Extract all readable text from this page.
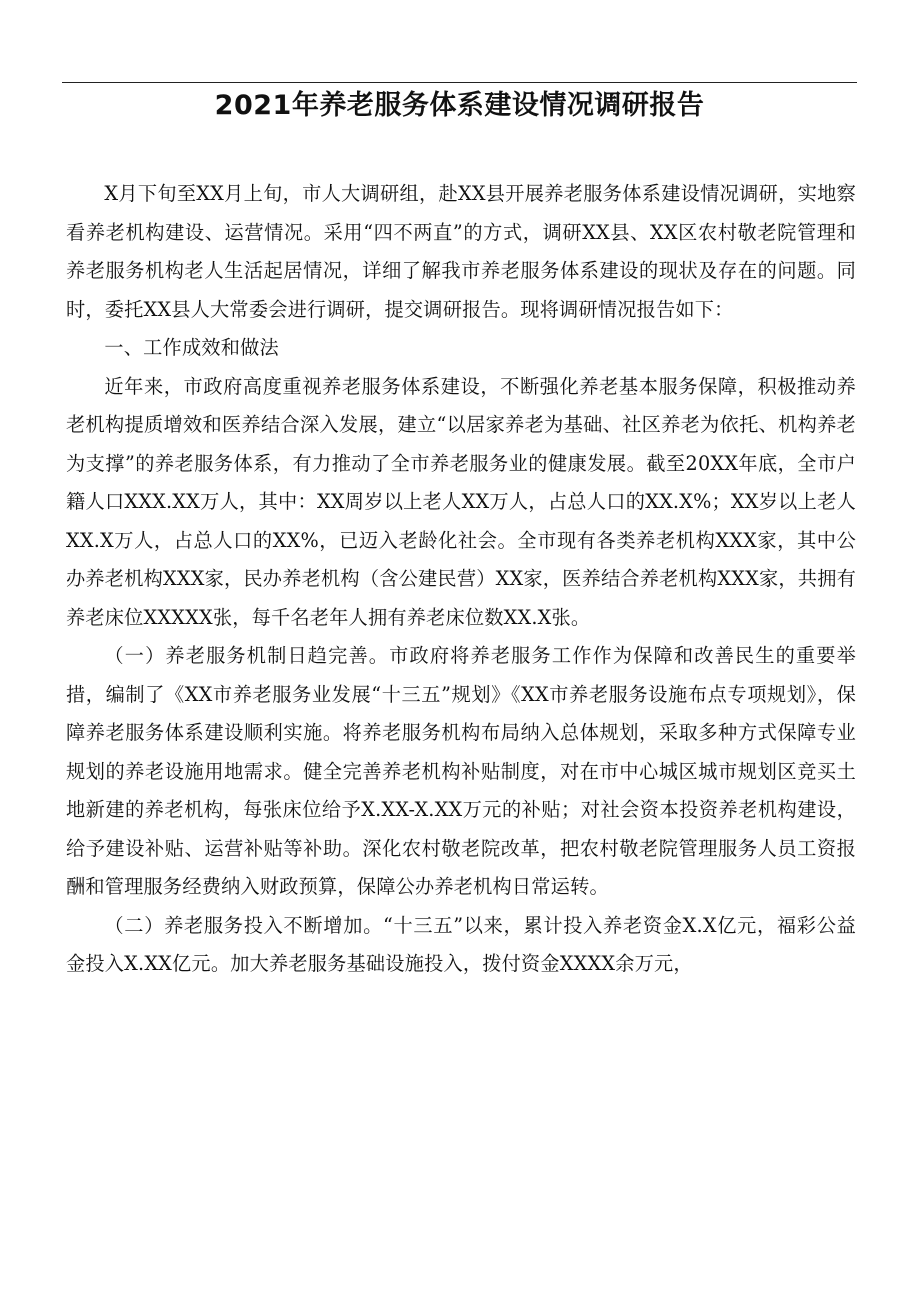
2021年养老服务体系建设情况调研报告

X月下旬至XX月上旬，市人大调研组，赴XX县开展养老服务体系建设情况调研，实地察看养老机构建设、运营情况。采用“四不两直”的方式，调研XX县、XX区农村敬老院管理和养老服务机构老人生活起居情况，详细了解我市养老服务体系建设的现状及存在的问题。同时，委托XX县人大常委会进行调研，提交调研报告。现将调研情况报告如下：

一、工作成效和做法

近年来，市政府高度重视养老服务体系建设，不断强化养老基本服务保障，积极推动养老机构提质增效和医养结合深入发展，建立“以居家养老为基础、社区养老为依托、机构养老为支撑”的养老服务体系，有力推动了全市养老服务业的健康发展。截至20XX年底，全市户籍人口XXX.XX万人，其中：XX周岁以上老人XX万人，占总人口的XX.X%；XX岁以上老人XX.X万人，占总人口的XX%，已迈入老龄化社会。全市现有各类养老机构XXX家，其中公办养老机构XXX家，民办养老机构（含公建民营）XX家，医养结合养老机构XXX家，共拥有养老床位XXXXX张，每千名老年人拥有养老床位数XX.X张。

（一）养老服务机制日趋完善。市政府将养老服务工作作为保障和改善民生的重要举措，编制了《XX市养老服务业发展“十三五”规划》《XX市养老服务设施布点专项规划》，保障养老服务体系建设顺利实施。将养老服务机构布局纳入总体规划，采取多种方式保障专业规划的养老设施用地需求。健全完善养老机构补贴制度，对在市中心城区城市规划区竞买土地新建的养老机构，每张床位给予X.XX-X.XX万元的补贴；对社会资本投资养老机构建设，给予建设补贴、运营补贴等补助。深化农村敬老院改革，把农村敬老院管理服务人员工资报酬和管理服务经费纳入财政预算，保障公办养老机构日常运转。

（二）养老服务投入不断增加。“十三五”以来，累计投入养老资金X.X亿元，福彩公益金投入X.XX亿元。加大养老服务基础设施投入，拨付资金XXXX余万元，
